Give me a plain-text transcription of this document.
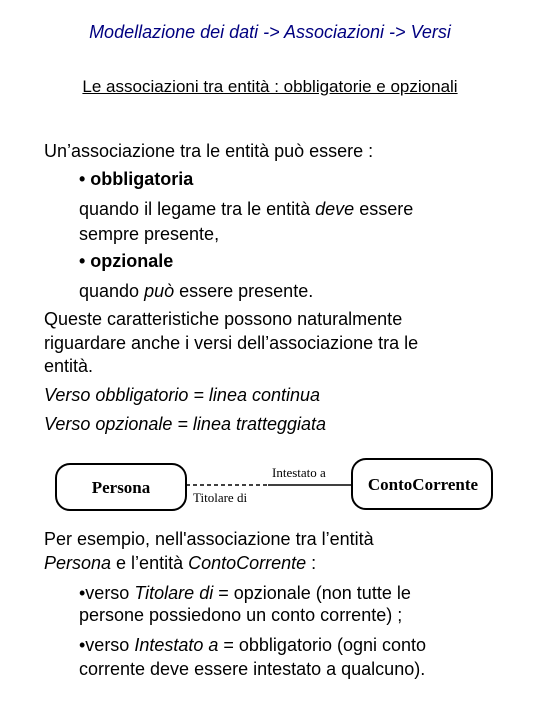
Modellazione dei dati -> Associazioni -> Versi
Le associazioni tra entità : obbligatorie e opzionali
Un’associazione tra le entità può essere :
• obbligatoria
quando il legame tra le entità deve essere
sempre presente,
• opzionale
quando può essere presente.
Queste caratteristiche possono naturalmente
riguardare anche i versi dell’associazione tra le
entità.
Verso obbligatorio = linea continua
Verso opzionale = linea tratteggiata
Persona	ContoCorrente
Intestato a
Titolare di
Per esempio, nell'associazione tra l’entità
Persona e l’entità ContoCorrente :
•verso Titolare di = opzionale (non tutte le
persone possiedono un conto corrente) ;
•verso Intestato a = obbligatorio (ogni conto
corrente deve essere intestato a qualcuno).
